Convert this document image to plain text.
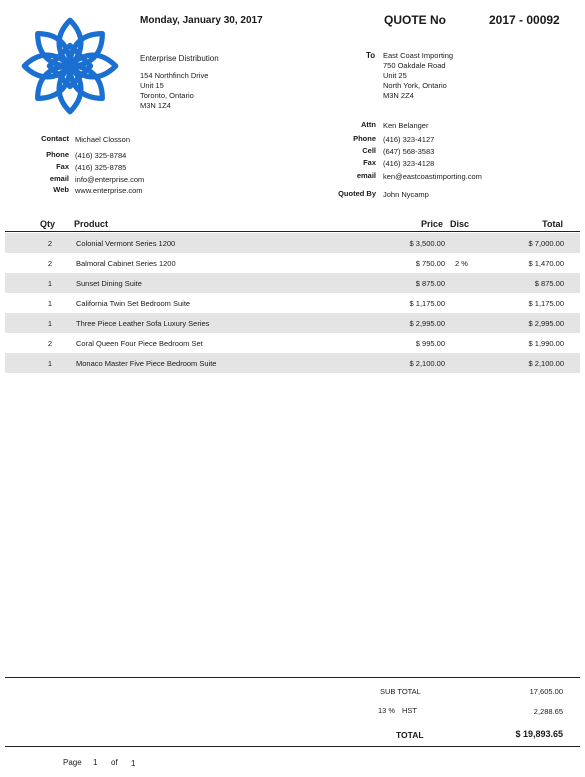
Monday, January 30, 2017	QUOTE No	2017 - 00092
Enterprise Distribution
154 Northfinch Drive
Unit 15
Toronto, Ontario
M3N 1Z4
To East Coast Importing
750 Oakdale Road
Unit 25
North York, Ontario
M3N 2Z4
Contact Michael Closson
Phone (416) 325-8784
Fax (416) 325-8785
email info@enterprise.com
Web www.enterprise.com
Attn Ken Belanger
Phone (416) 323-4127
Cell (647) 568-3583
Fax (416) 323-4128
email ken@eastcoastimporting.com
Quoted By John Nycamp
Qty Product	Price Disc	Total
2	Colonial Vermont Series 1200	$ 3,500.00	$ 7,000.00
2	Balmoral Cabinet Series 1200	$ 750.00 2 %	$ 1,470.00
1	Sunset Dining Suite	$ 875.00	$ 875.00
1	California Twin Set Bedroom Suite	$ 1,175.00	$ 1,175.00
1	Three Piece Leather Sofa Luxury Series	$ 2,995.00	$ 2,995.00
2	Coral Queen Four Piece Bedroom Set	$ 995.00	$ 1,990.00
1	Monaco Master Five Piece Bedroom Suite	$ 2,100.00	$ 2,100.00
SUB TOTAL	17,605.00
13 % HST	2,288.65
TOTAL	$ 19,893.65
Page 1 of 1
